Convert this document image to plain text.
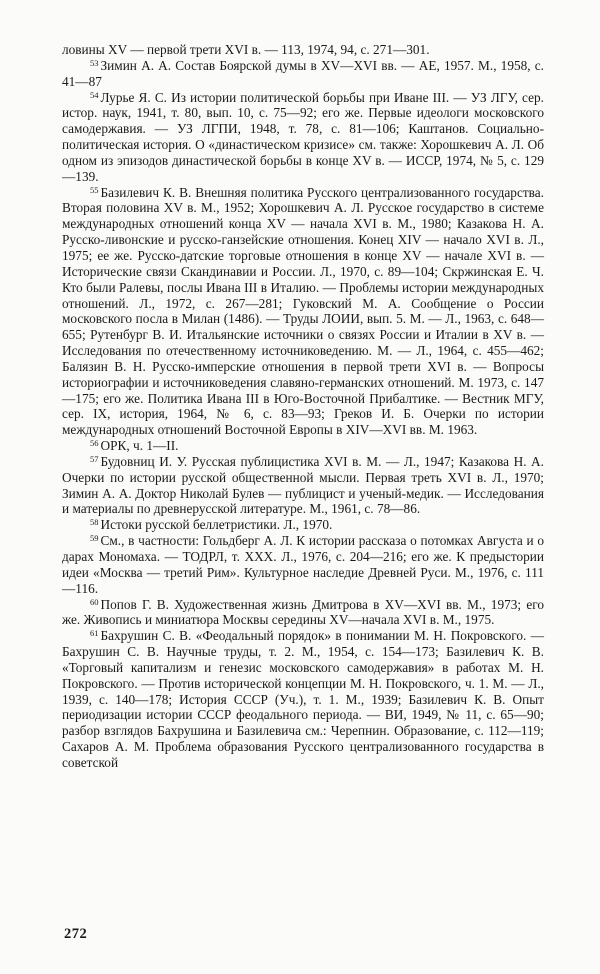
ловины XV — первой трети XVI в. — 113, 1974, 94, с. 271—301.

$^{53}$ Зимин А. А. Состав Боярской думы в XV—XVI вв. — АЕ, 1957. М., 1958, с. 41—87

$^{54}$ Лурье Я. С. Из истории политической борьбы при Иване III. — УЗ ЛГУ, сер. истор. наук, 1941, т. 80, вып. 10, с. 75—92; его же. Первые идеологи московского самодержавия. — УЗ ЛГПИ, 1948, т. 78, с. 81—106; Каштанов. Социально-политическая история. О «династическом кризисе» см. также: Хорошкевич А. Л. Об одном из эпизодов династической борьбы в конце XV в. — ИССР, 1974, № 5, с. 129—139.

$^{55}$ Базилевич К. В. Внешняя политика Русского централизованного государства. Вторая половина XV в. М., 1952; Хорошкевич А. Л. Русское государство в системе международных отношений конца XV — начала XVI в. М., 1980; Казакова Н. А. Русско-ливонские и русско-ганзейские отношения. Конец XIV — начало XVI в. Л., 1975; ее же. Русско-датские торговые отношения в конце XV — начале XVI в. — Исторические связи Скандинавии и России. Л., 1970, с. 89—104; Скржинская Е. Ч. Кто были Ралевы, послы Ивана III в Италию. — Проблемы истории международных отношений. Л., 1972, с. 267—281; Гуковский М. А. Сообщение о России московского посла в Милан (1486). — Труды ЛОИИ, вып. 5. М. — Л., 1963, с. 648—655; Рутенбург В. И. Итальянские источники о связях России и Италии в XV в. — Исследования по отечественному источниковедению. М. — Л., 1964, с. 455—462; Балязин В. Н. Русско-имперские отношения в первой трети XVI в. — Вопросы историографии и источниковедения славяно-германских отношений. М. 1973, с. 147—175; его же. Политика Ивана III в Юго-Восточной Прибалтике. — Вестник МГУ, сер. IX, история, 1964, № 6, с. 83—93; Греков И. Б. Очерки по истории международных отношений Восточной Европы в XIV—XVI вв. М. 1963.

$^{56}$ ОРК, ч. 1—II.

$^{57}$ Будовниц И. У. Русская публицистика XVI в. М. — Л., 1947; Казакова Н. А. Очерки по истории русской общественной мысли. Первая треть XVI в. Л., 1970; Зимин А. А. Доктор Николай Булев — публицист и ученый-медик. — Исследования и материалы по древнерусской литературе. М., 1961, с. 78—86.

$^{58}$ Истоки русской беллетристики. Л., 1970.

$^{59}$ См., в частности: Гольдберг А. Л. К истории рассказа о потомках Августа и о дарах Мономаха. — ТОДРЛ, т. XXX. Л., 1976, с. 204—216; его же. К предыстории идеи «Москва — третий Рим». Культурное наследие Древней Руси. М., 1976, с. 111—116.

$^{60}$ Попов Г. В. Художественная жизнь Дмитрова в XV—XVI вв. М., 1973; его же. Живопись и миниатюра Москвы середины XV—начала XVI в. М., 1975.

$^{61}$ Бахрушин С. В. «Феодальный порядок» в понимании М. Н. Покровского. — Бахрушин С. В. Научные труды, т. 2. М., 1954, с. 154—173; Базилевич К. В. «Торговый капитализм и генезис московского самодержавия» в работах М. Н. Покровского. — Против исторической концепции М. Н. Покровского, ч. 1. М. — Л., 1939, с. 140—178; История СССР (Уч.), т. 1. М., 1939; Базилевич К. В. Опыт периодизации истории СССР феодального периода. — ВИ, 1949, № 11, с. 65—90; разбор взглядов Бахрушина и Базилевича см.: Черепнин. Образование, с. 112—119; Сахаров А. М. Проблема образования Русского централизованного государства в советской

272
